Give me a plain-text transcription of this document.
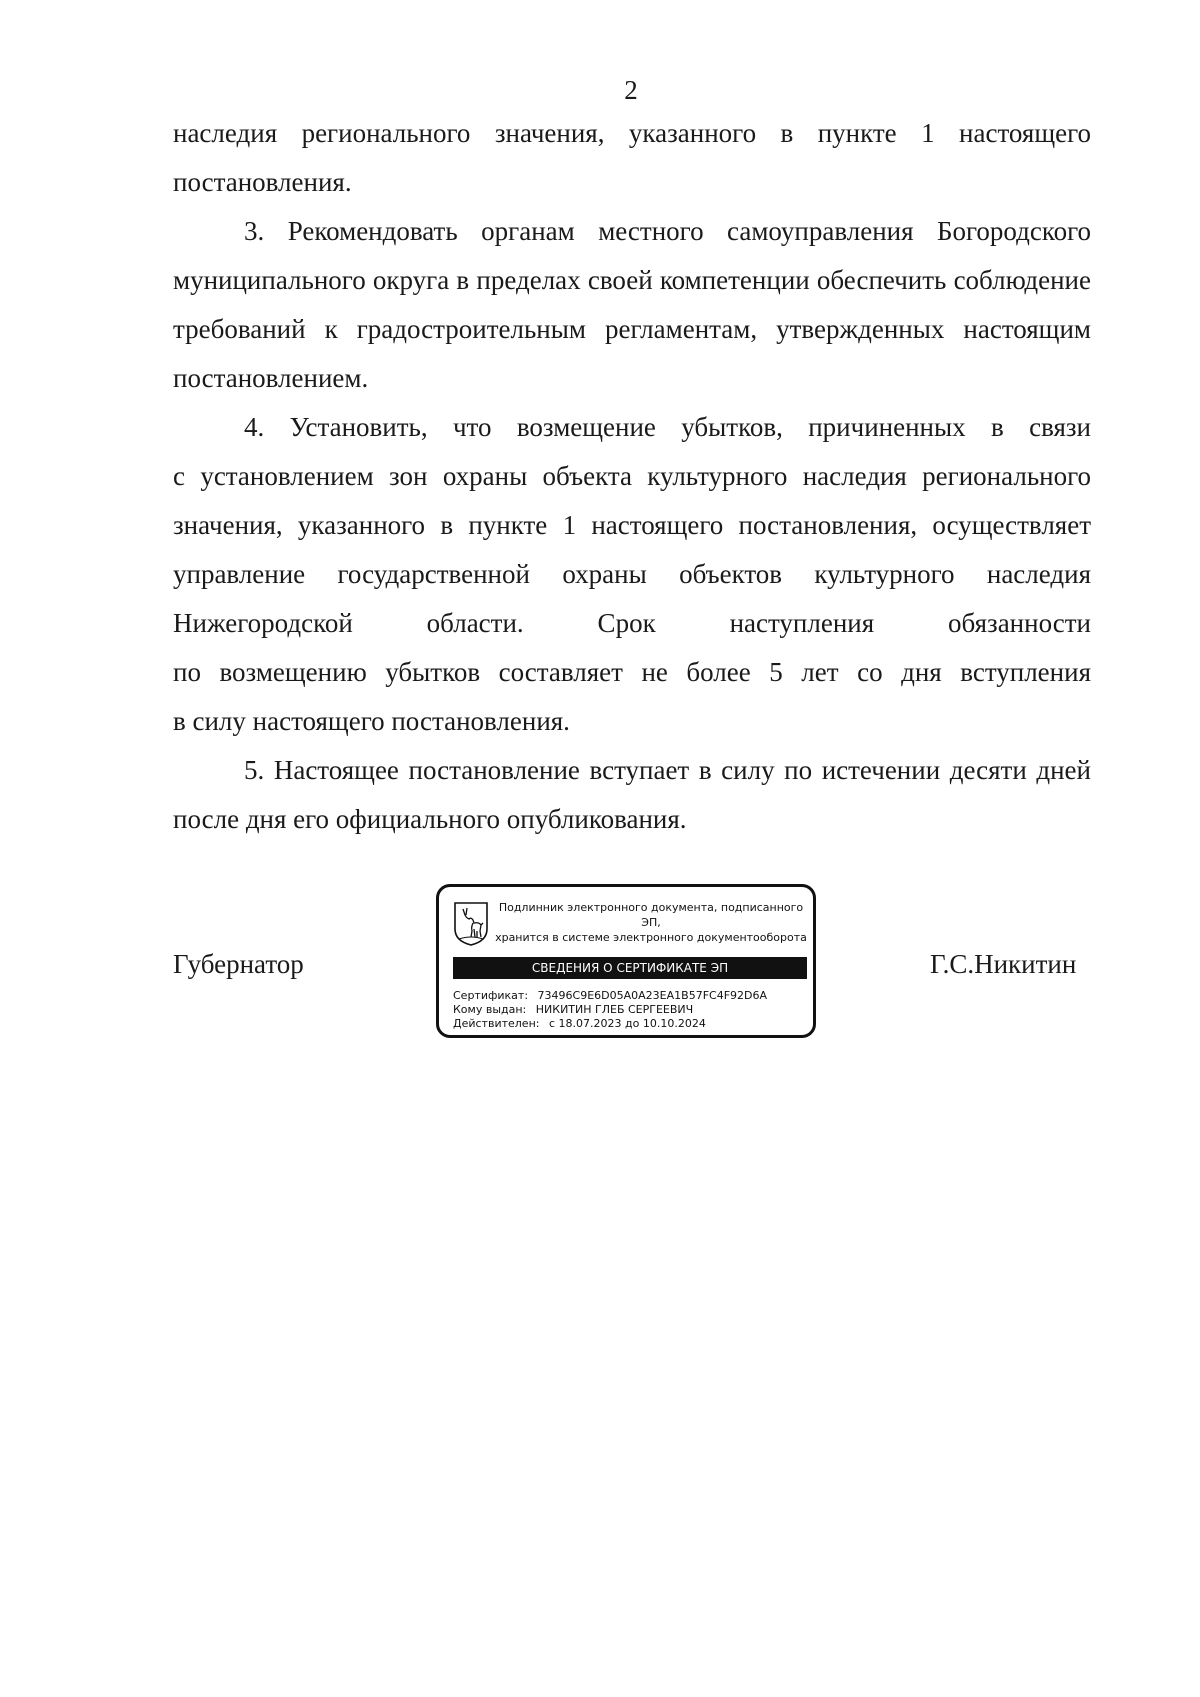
2

наследия регионального значения, указанного в пункте 1 настоящего постановления.

3. Рекомендовать органам местного самоуправления Богородского муниципального округа в пределах своей компетенции обеспечить соблюдение требований к градостроительным регламентам, утвержденных настоящим постановлением.

4. Установить, что возмещение убытков, причиненных в связи

с установлением зон охраны объекта культурного наследия регионального

значения, указанного в пункте 1 настоящего постановления, осуществляет

управление государственной охраны объектов культурного наследия

Нижегородской области. Срок наступления обязанности

по возмещению убытков составляет не более 5 лет со дня вступления

в силу настоящего постановления.

5. Настоящее постановление вступает в силу по истечении десяти дней после дня его официального опубликования.

Губернатор	Г.С.Никитин
Подлинник электронного документа, подписанного ЭП,
хранится в системе электронного документооборота
СВЕДЕНИЯ О СЕРТИФИКАТЕ ЭП
Сертификат: 73496C9E6D05A0A23EA1B57FC4F92D6A
Кому выдан: НИКИТИН ГЛЕБ СЕРГЕЕВИЧ
Действителен: с 18.07.2023 до 10.10.2024
